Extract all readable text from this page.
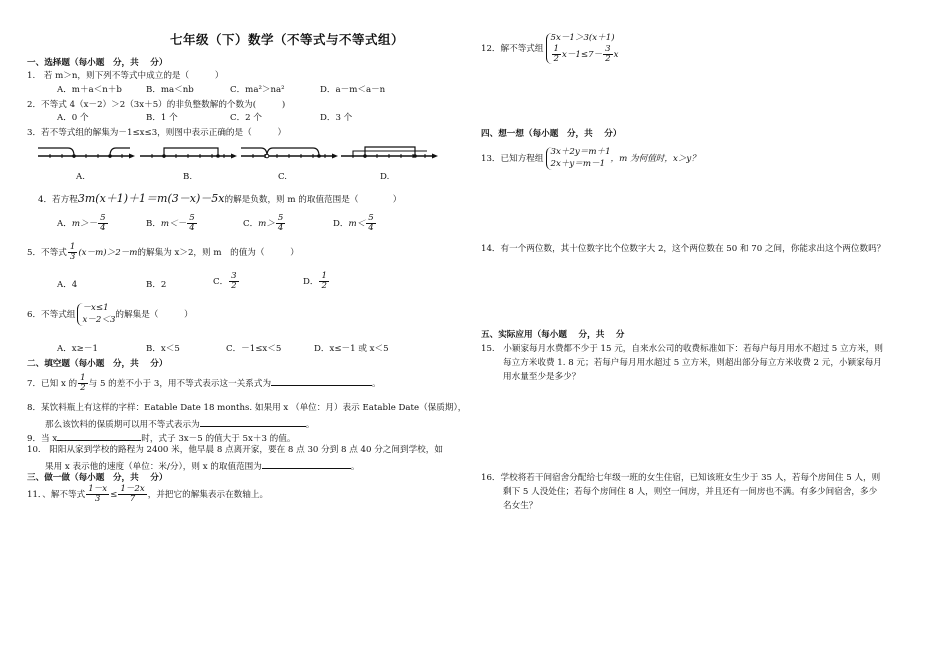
七年级（下）数学（不等式与不等式组）
一、选择题（每小题　分，共　 分）
1.　若 m＞n，则下列不等式中成立的是（　　　）
A．m＋a＜n＋b	B．ma＜nb	C．ma²＞na²	D．a－m＜a－n
2．不等式 4（x－2）＞2（3x＋5）的非负整数解的个数为(　　　)
A．0 个	B．1 个	C．2 个	D．3 个
3．若不等式组的解集为－1≤x≤3，则图中表示正确的是（　　　）
A.	B.	C.	D.
4．若方程3m(x＋1)＋1＝m(3－x)－5x的解是负数，则 m 的取值范围是（　　　　）
A．$m>- \frac{5}{4}$	B．$m<- \frac{5}{4}$	C．$m> \frac{5}{4}$	D．$m< \frac{5}{4}$
5．不等式 $\frac{1}{3} (x-m)>2-m$的解集为 x＞2，则 m　的值为（　　　）
A．4	B．2	C． $\frac{3}{2}$	D． $\frac{1}{2}$
6．不等式组
－x≤1
x－2＜3 的解集是（　　　）
A．x≥－1	B．x＜5	C．－1≤x＜5	D．x≤－1 或 x＜5
二、填空题（每小题　分，共　 分）
7．已知 x 的 $\frac{1}{2}$ 与 5 的差不小于 3，用不等式表示这一关系式为	。
8．某饮料瓶上有这样的字样：Eatable Date 18 months. 如果用 x （单位：月）表示 Eatable Date（保质期），
那么该饮料的保质期可以用不等式表示为	。
9．当 x	时，式子 3x－5 的值大于 5x＋3 的值。
10.　阳阳从家到学校的路程为 2400 米，他早晨 8 点离开家，要在 8 点 30 分到 8 点 40 分之间到学校，如
果用 x 表示他的速度（单位：米/分），则 x 的取值范围为	。
三、做一做（每小题　分，共　 分）
11．、解不等式 $\frac{1-x}{3} \le \frac{1-2x}{7}$ ，并把它的解集表示在数轴上。
12．解不等式组
5x－1＞3(x＋1)
$\frac{1}{2} x-1\le 7- \frac{3}{2}$ x
四、想一想（每小题　分，共　 分）
13．已知方程组
3x＋2y＝m＋1
2x＋y＝m－1 ，m 为何值时，x＞y？
14．有一个两位数，其十位数字比个位数字大 2，这个两位数在 50 和 70 之间，你能求出这个两位数吗？
五、实际应用（每小题　 分，共　 分
15.　小颖家每月水费都不少于 15 元，自来水公司的收费标准如下：若每户每月用水不超过 5 立方米，则
每立方米收费 1. 8 元；若每户每月用水超过 5 立方米，则超出部分每立方米收费 2 元，小颖家每月
用水量至少是多少？
16．学校将若干间宿舍分配给七年级一班的女生住宿，已知该班女生少于 35 人，若每个房间住 5 人，则
剩下 5 人没处住；若每个房间住 8 人，则空一间房，并且还有一间房也不满。有多少间宿舍，多少
名女生？
